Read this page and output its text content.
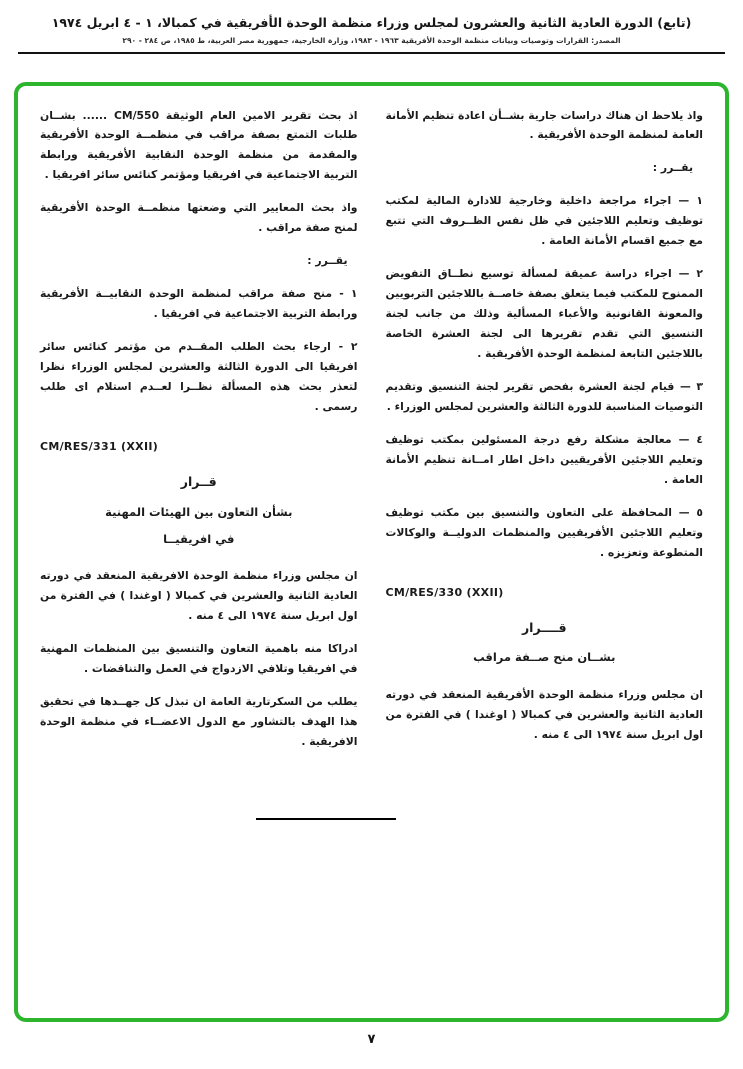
(تابع) الدورة العادية الثانية والعشرون لمجلس وزراء منظمة الوحدة الأفريقية في كمبالا، ١ - ٤ ابريل ١٩٧٤
المصدر: القرارات وتوصيات وبيانات منظمة الوحدة الأفريقية ١٩٦٣ - ١٩٨٣، وزارة الخارجية، جمهورية مصر العربية، ط ١٩٨٥، ص ٢٨٤ - ٢٩٠

واذ يلاحظ ان هناك دراسات جارية بشــأن اعادة تنظيم الأمانة العامة لمنظمة الوحدة الأفريقية .

يقــرر :

١ — اجراء مراجعة داخلية وخارجية للادارة المالية لمكتب توظيف وتعليم اللاجئين في ظل نفس الظــروف التي تتبع مع جميع اقسام الأمانة العامة .

٢ — اجراء دراسة عميقة لمسألة توسيع نطــاق التفويض الممنوح للمكتب فيما يتعلق بصفة خاصــة باللاجئين التربويين والمعونة القانونية والأعباء المسألية وذلك من جانب لجنة التنسيق التي تقدم تقريرها الى لجنة العشرة الخاصة باللاجئين التابعة لمنظمة الوحدة الأفريقية .

٣ — قيام لجنة العشرة بفحص تقرير لجنة التنسيق وتقديم التوصيات المناسبة للدورة الثالثة والعشرين لمجلس الوزراء .

٤ — معالجة مشكلة رفع درجة المسئولين بمكتب توظيف وتعليم اللاجئين الأفريقيين داخل اطار امــانة تنظيم الأمانة العامة .

٥ — المحافظة على التعاون والتنسيق بين مكتب توظيف وتعليم اللاجئين الأفريقيين والمنظمات الدوليــة والوكالات المتطوعة وتعزيزه .

CM/RES/330 (XXII)

قــــرار
بشــان منح صــفة مراقب

ان مجلس وزراء منظمة الوحدة الأفريقية المنعقد في دورته العادية الثانية والعشرين في كمبالا ( اوغندا ) في الفترة من اول ابريل سنة ١٩٧٤ الى ٤ منه .

اذ بحث تقرير الامين العام الوثيقة CM/550 ...... بشــان طلبات التمتع بصفة مراقب في منظمــة الوحدة الأفريقية والمقدمة من منظمة الوحدة النقابية الأفريقية ورابطة التربية الاجتماعية في افريقيا ومؤتمر كنائس سائر افريقيا .

واذ بحث المعايير التي وضعتها منظمــة الوحدة الأفريقية لمنح صفة مراقب .

يقــرر :

١ - منح صفة مراقب لمنظمة الوحدة النقابيــة الأفريقية ورابطة التربية الاجتماعية في افريقيا .

٢ - ارجاء بحث الطلب المقــدم من مؤتمر كنائس سائر افريقيا الى الدورة الثالثة والعشرين لمجلس الوزراء نظرا لتعذر بحث هذه المسألة نظــرا لعــدم استلام اى طلب رسمى .

CM/RES/331 (XXII)

قــرار
بشأن التعاون بين الهيئات المهنية
في افريقيــا

ان مجلس وزراء منظمة الوحدة الافريقية المنعقد في دورته العادية الثانية والعشرين في كمبالا ( اوغندا ) في الفترة من اول ابريل سنة ١٩٧٤ الى ٤ منه .

ادراكا منه باهمية التعاون والتنسيق بين المنظمات المهنية في افريقيا وتلافي الازدواج في العمل والتناقضات .

يطلب من السكرتارية العامة ان تبذل كل جهــدها في تحقيق هذا الهدف بالتشاور مع الدول الاعضــاء في منظمة الوحدة الافريقية .

٧
